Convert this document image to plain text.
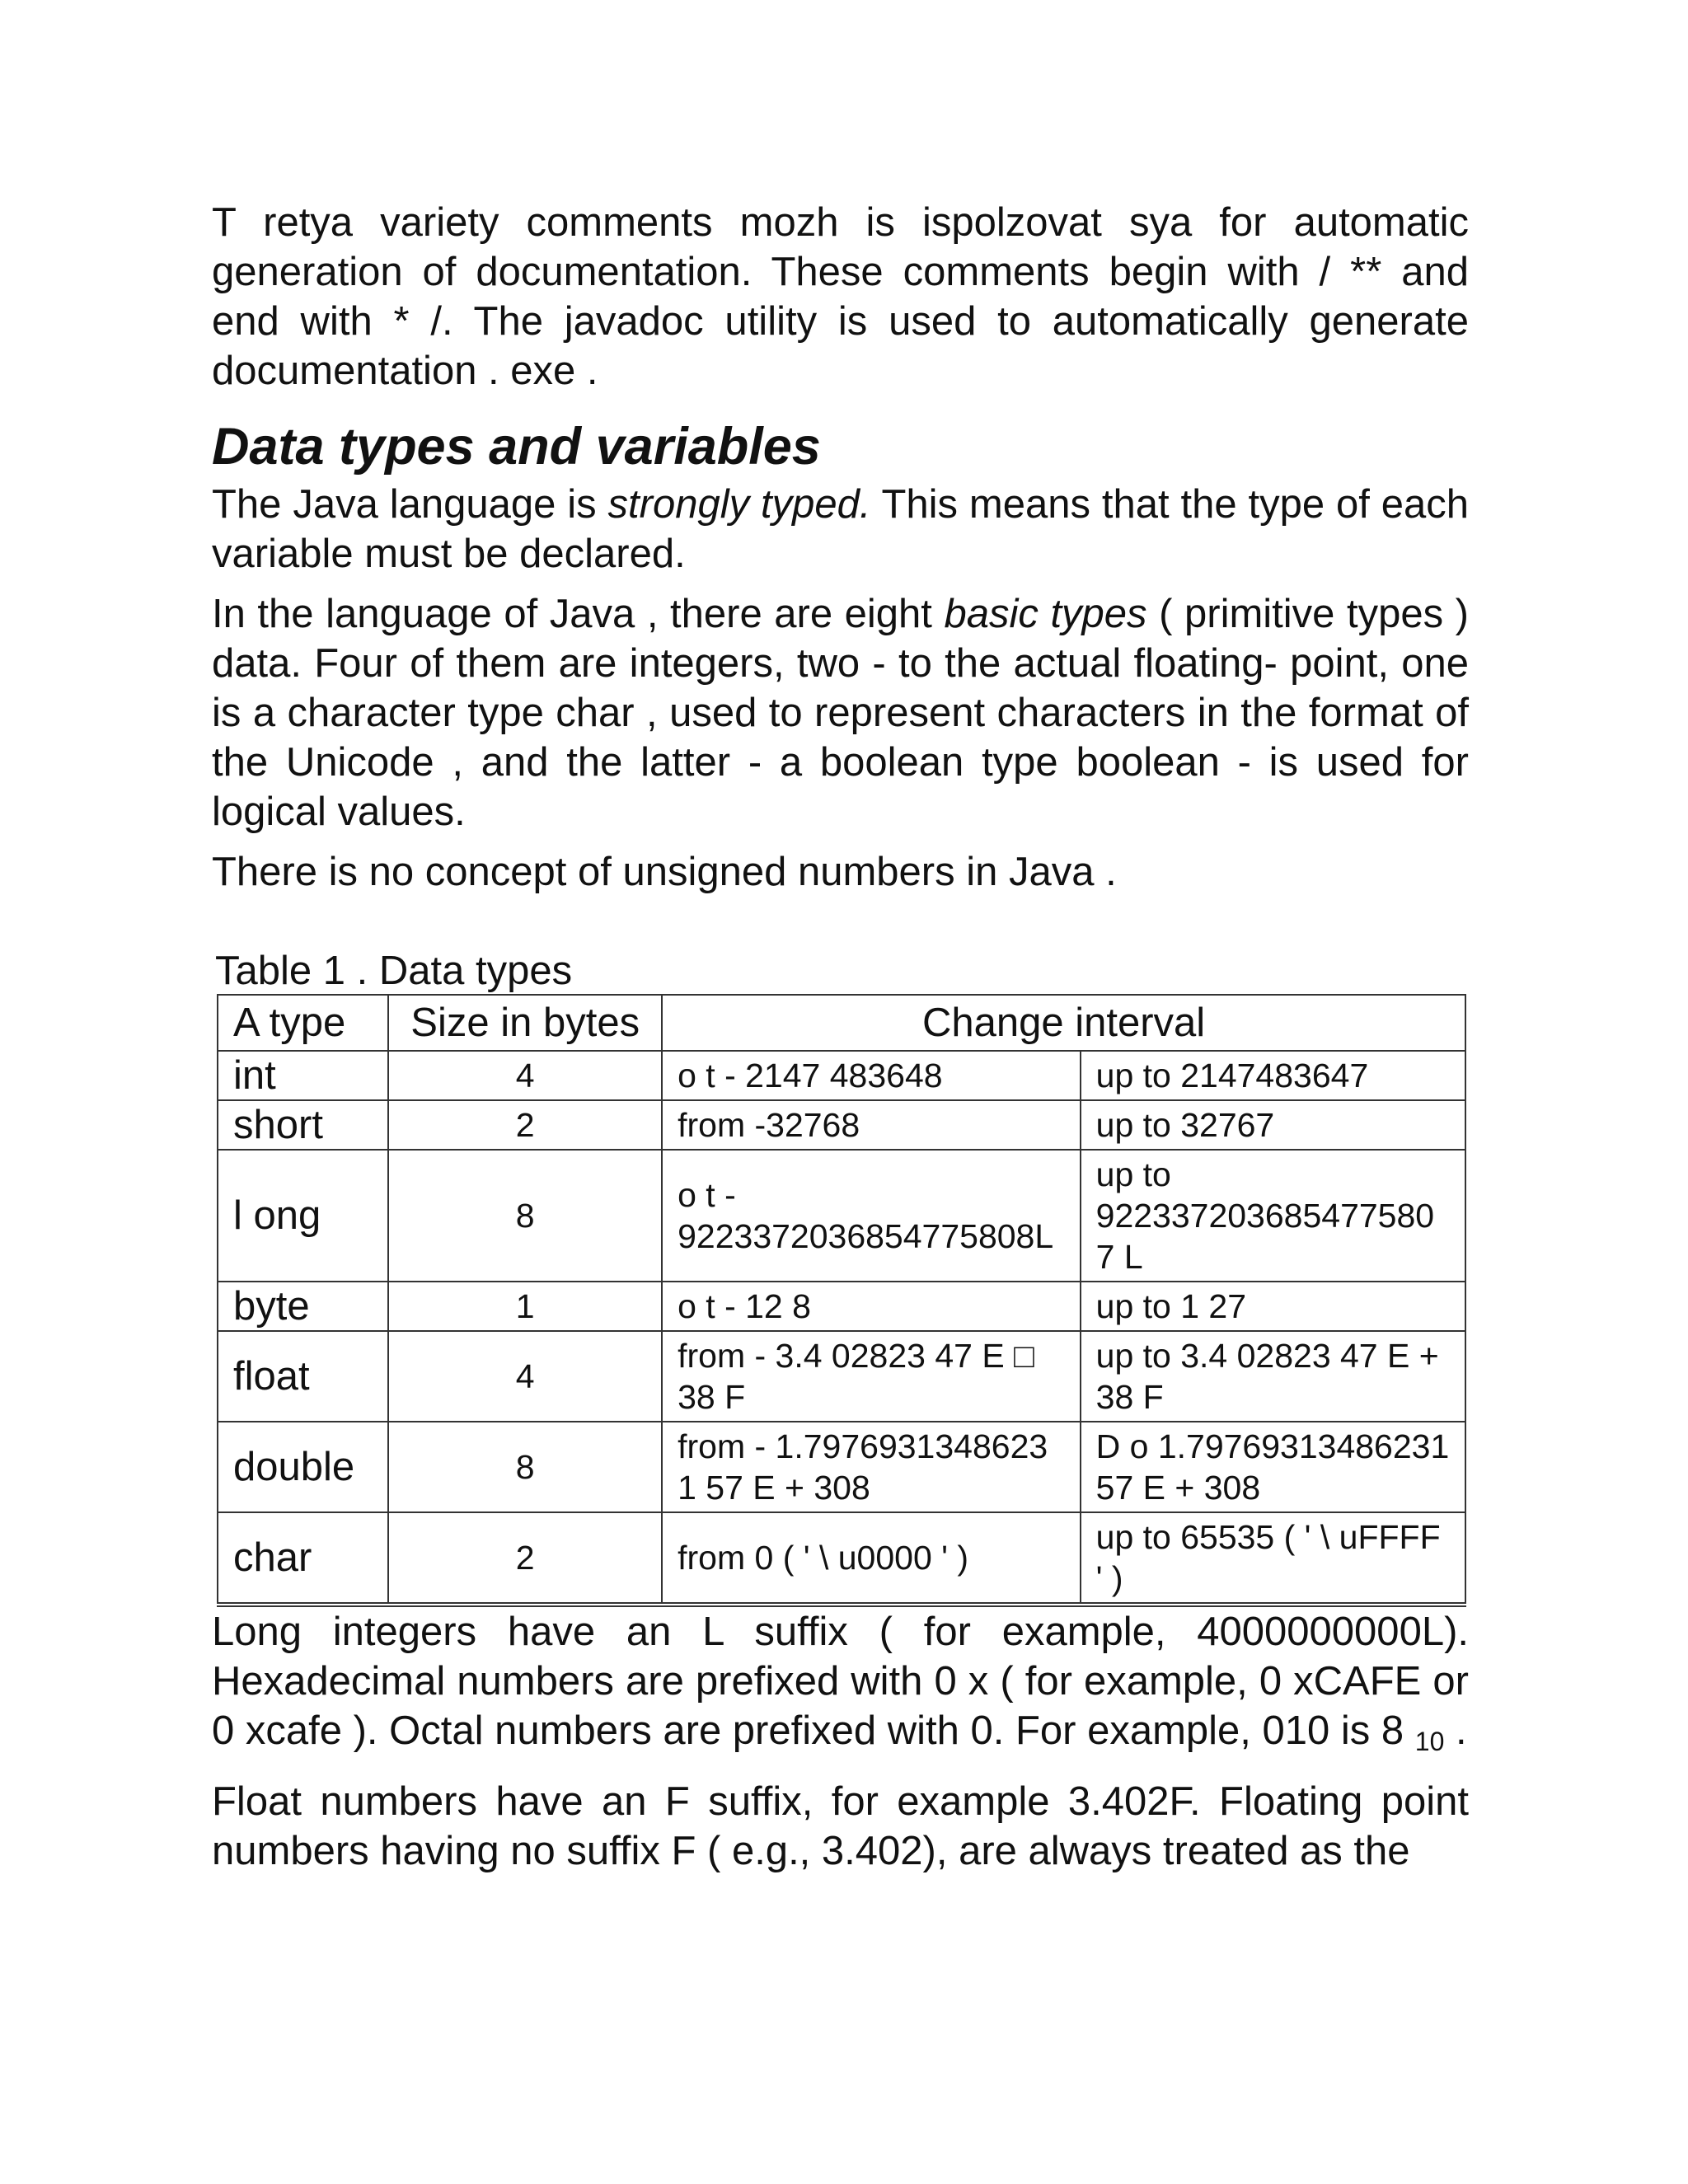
T retya variety comments mozh is ispolzovat sya for automatic generation of documentation. These comments begin with / ** and end with * /. The javadoc utility is used to automatically generate documentation . exe .

Data types and variables

The Java language is strongly typed. This means that the type of each variable must be declared.

In the language of Java , there are eight basic types ( primitive types ) data. Four of them are integers, two - to the actual floating- point, one is a character type char , used to represent characters in the format of the Unicode , and the latter - a boolean type boolean - is used for logical values.

There is no concept of unsigned numbers in Java .

Table 1 . Data types
A type	Size in bytes	Change interval	
int	4	o t - 2147 483648	up to 2147483647
short	2	from -32768	up to 32767
l ong	8	o t - 9223372036854775808L	up to 922337203685477580 7 L
byte	1	o t - 12 8	up to 1 27
float	4	from - 3.4 02823 47 E □ 38 F	up to 3.4 02823 47 E + 38 F
double	8	from - 1.7976931348623 1 57 E + 308	D o 1.79769313486231 57 E + 308
char	2	from 0 ( ' \ u0000 ' )	up to 65535 ( ' \ uFFFF ' )

Long integers have an L suffix ( for example, 4000000000L). Hexadecimal numbers are prefixed with 0 x ( for example, 0 xCAFE or 0 xcafe ). Octal numbers are prefixed with 0. For example, 010 is 8 $_{10}$ .

Float numbers have an F suffix, for example 3.402F. Floating point numbers having no suffix F ( e.g., 3.402), are always treated as the
